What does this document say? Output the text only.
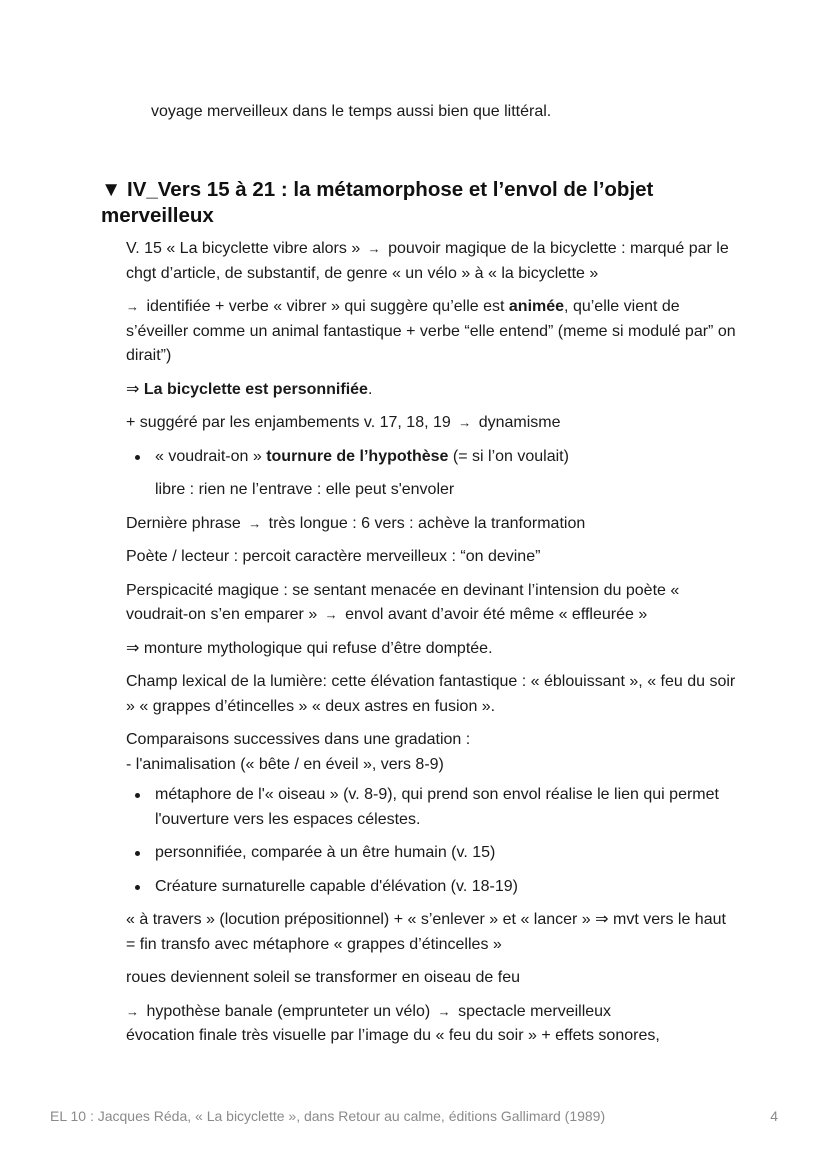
voyage merveilleux dans le temps aussi bien que littéral.
▼ IV_Vers 15 à 21 : la métamorphose et l’envol de l’objet merveilleux

V. 15 « La bicyclette vibre alors » → pouvoir magique de la bicyclette : marqué par le chgt d’article, de substantif, de genre « un vélo » à « la bicyclette »

→ identifiée + verbe « vibrer » qui suggère qu’elle est animée, qu’elle vient de s’éveiller comme un animal fantastique + verbe “elle entend” (meme si modulé par” on dirait”)

⇒ La bicyclette est personnifiée.

+ suggéré par les enjambements v. 17, 18, 19 → dynamisme

« voudrait-on » tournure de l’hypothèse (= si l’on voulait)

libre : rien ne l’entrave : elle peut s'envoler

Dernière phrase → très longue : 6 vers : achève la tranformation

Poète / lecteur : percoit caractère merveilleux : “on devine”

Perspicacité magique : se sentant menacée en devinant l’intension du poète « voudrait-on s’en emparer » → envol avant d’avoir été même « effleurée »

⇒ monture mythologique qui refuse d’être domptée.

Champ lexical de la lumière: cette élévation fantastique : « éblouissant », « feu du soir » « grappes d’étincelles » « deux astres en fusion ».

Comparaisons successives dans une gradation :
- l'animalisation (« bête / en éveil », vers 8-9)

métaphore de l'« oiseau » (v. 8-9), qui prend son envol réalise le lien qui permet l'ouverture vers les espaces célestes.
personnifiée, comparée à un être humain (v. 15)
Créature surnaturelle capable d'élévation (v. 18-19)

« à travers » (locution prépositionnel) + « s’enlever » et « lancer » ⇒ mvt vers le haut = fin transfo avec métaphore « grappes d’étincelles »

roues deviennent soleil se transformer en oiseau de feu

→ hypothèse banale (emprunteter un vélo) → spectacle merveilleux
évocation finale très visuelle par l’image du « feu du soir » + effets sonores,

EL 10 : Jacques Réda, « La bicyclette », dans Retour au calme, éditions Gallimard (1989)	4
